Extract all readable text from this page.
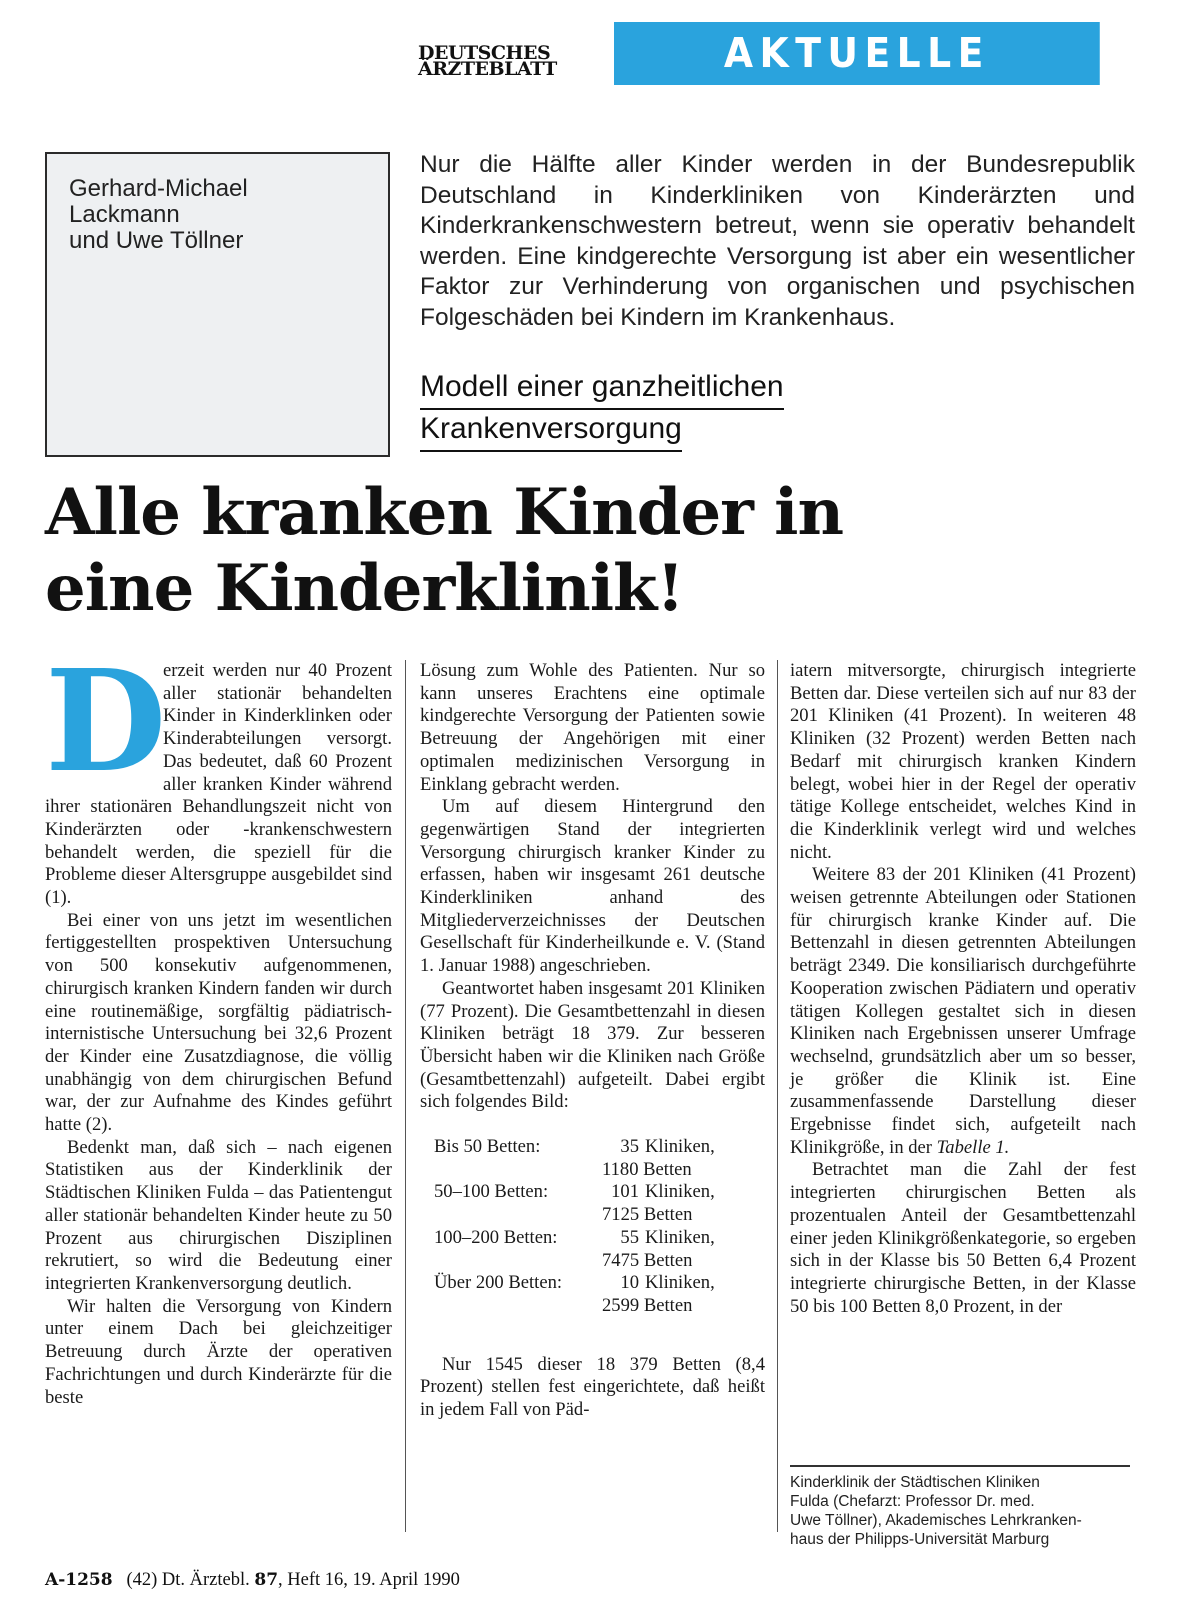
DEUTSCHES
ÄRZTEBLATT	AKTUELLE MEDIZIN
Gerhard-Michael
Lackmann
und Uwe Töllner
Nur die Hälfte aller Kinder werden in der Bundesrepublik Deutschland in Kinderkliniken von Kinderärzten und Kinderkrankenschwestern betreut, wenn sie operativ behandelt werden. Eine kindgerechte Versorgung ist aber ein wesentlicher Faktor zur Verhinderung von organischen und psychischen Folgeschäden bei Kindern im Krankenhaus.
Modell einer ganzheitlichen
Krankenversorgung
Alle kranken Kinder in
eine Kinderklinik!
D

erzeit werden nur 40 Prozent aller stationär behandelten Kinder in Kinderklinken oder Kinderabteilungen versorgt. Das bedeutet, daß 60 Prozent aller kranken Kinder während ihrer stationären Behandlungszeit nicht von Kinderärzten oder -krankenschwestern behandelt werden, die speziell für die Probleme dieser Altersgruppe ausgebildet sind (1).

Bei einer von uns jetzt im wesentlichen fertiggestellten prospektiven Untersuchung von 500 konsekutiv aufgenommenen, chirurgisch kranken Kindern fanden wir durch eine routinemäßige, sorgfältig pädiatrisch-internistische Untersuchung bei 32,6 Prozent der Kinder eine Zusatzdiagnose, die völlig unabhängig von dem chirurgischen Befund war, der zur Aufnahme des Kindes geführt hatte (2).

Bedenkt man, daß sich – nach eigenen Statistiken aus der Kinderklinik der Städtischen Kliniken Fulda – das Patientengut aller stationär behandelten Kinder heute zu 50 Prozent aus chirurgischen Disziplinen rekrutiert, so wird die Bedeutung einer integrierten Krankenversorgung deutlich.

Wir halten die Versorgung von Kindern unter einem Dach bei gleichzeitiger Betreuung durch Ärzte der operativen Fachrichtungen und durch Kinderärzte für die beste

Lösung zum Wohle des Patienten. Nur so kann unseres Erachtens eine optimale kindgerechte Versorgung der Patienten sowie Betreuung der Angehörigen mit einer optimalen medizinischen Versorgung in Einklang gebracht werden.

Um auf diesem Hintergrund den gegenwärtigen Stand der integrierten Versorgung chirurgisch kranker Kinder zu erfassen, haben wir insgesamt 261 deutsche Kinderkliniken anhand des Mitgliederverzeichnisses der Deutschen Gesellschaft für Kinderheilkunde e. V. (Stand 1. Januar 1988) angeschrieben.

Geantwortet haben insgesamt 201 Kliniken (77 Prozent). Die Gesamtbettenzahl in diesen Kliniken beträgt 18 379. Zur besseren Übersicht haben wir die Kliniken nach Größe (Gesamtbettenzahl) aufgeteilt. Dabei ergibt sich folgendes Bild:

Bis 50 Betten:	35	Kliniken,
	1180 Betten	
50–100 Betten:	101	Kliniken,
	7125 Betten	
100–200 Betten:	55	Kliniken,
	7475 Betten	
Über 200 Betten:	10	Kliniken,
	2599 Betten	

Nur 1545 dieser 18 379 Betten (8,4 Prozent) stellen fest eingerichtete, daß heißt in jedem Fall von Päd-

iatern mitversorgte, chirurgisch integrierte Betten dar. Diese verteilen sich auf nur 83 der 201 Kliniken (41 Prozent). In weiteren 48 Kliniken (32 Prozent) werden Betten nach Bedarf mit chirurgisch kranken Kindern belegt, wobei hier in der Regel der operativ tätige Kollege entscheidet, welches Kind in die Kinderklinik verlegt wird und welches nicht.

Weitere 83 der 201 Kliniken (41 Prozent) weisen getrennte Abteilungen oder Stationen für chirurgisch kranke Kinder auf. Die Bettenzahl in diesen getrennten Abteilungen beträgt 2349. Die konsiliarisch durchgeführte Kooperation zwischen Pädiatern und operativ tätigen Kollegen gestaltet sich in diesen Kliniken nach Ergebnissen unserer Umfrage wechselnd, grundsätzlich aber um so besser, je größer die Klinik ist. Eine zusammenfassende Darstellung dieser Ergebnisse findet sich, aufgeteilt nach Klinikgröße, in der Tabelle 1.

Betrachtet man die Zahl der fest integrierten chirurgischen Betten als prozentualen Anteil der Gesamtbettenzahl einer jeden Klinikgrößenkategorie, so ergeben sich in der Klasse bis 50 Betten 6,4 Prozent integrierte chirurgische Betten, in der Klasse 50 bis 100 Betten 8,0 Prozent, in der

Kinderklinik der Städtischen Kliniken
Fulda (Chefarzt: Professor Dr. med.
Uwe Töllner), Akademisches Lehrkranken-
haus der Philipps-Universität Marburg
A-1258 (42) Dt. Ärztebl. 87, Heft 16, 19. April 1990
